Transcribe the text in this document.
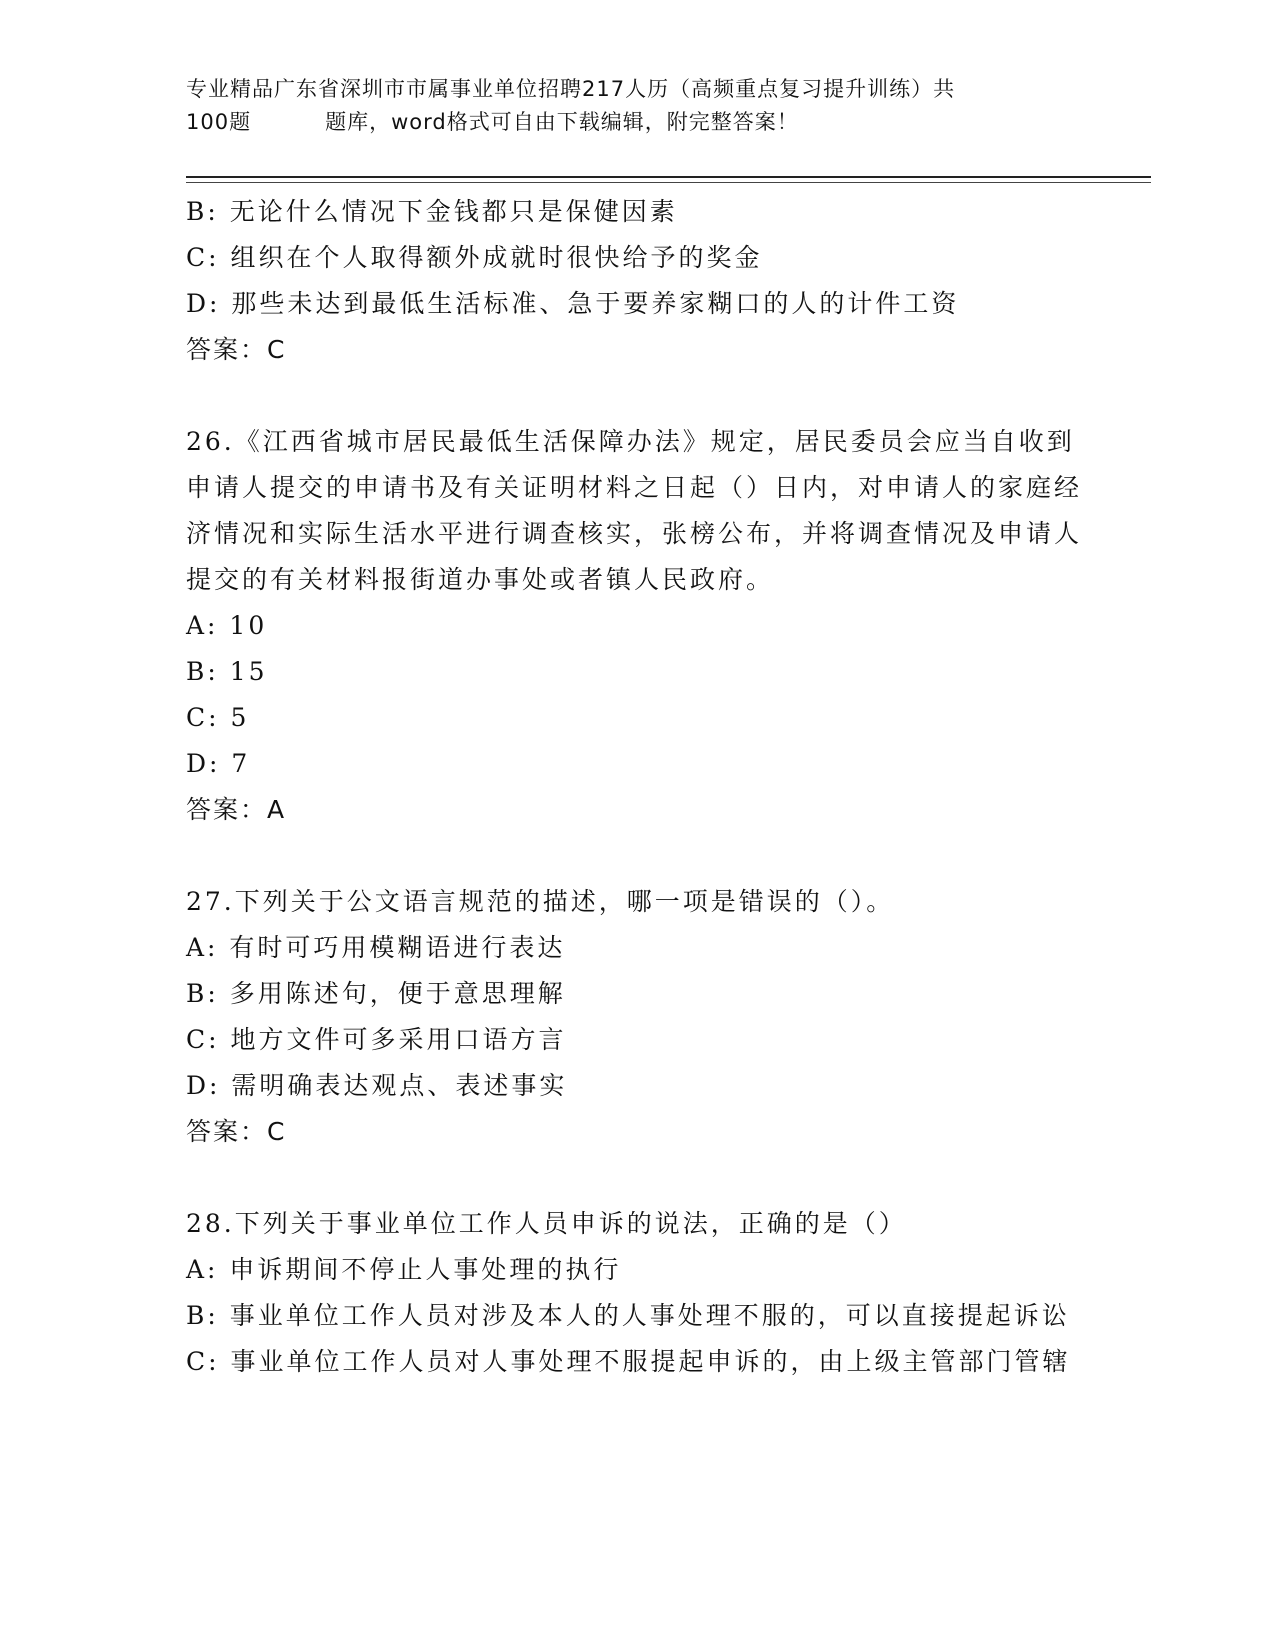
专业精品广东省深圳市市属事业单位招聘217人历（高频重点复习提升训练）共
100题	题库，word格式可自由下载编辑，附完整答案！

B: 无论什么情况下金钱都只是保健因素

C: 组织在个人取得额外成就时很快给予的奖金

D: 那些未达到最低生活标准、急于要养家糊口的人的计件工资

答案：C

26.《江西省城市居民最低生活保障办法》规定，居民委员会应当自收到申请人提交的申请书及有关证明材料之日起（）日内，对申请人的家庭经济情况和实际生活水平进行调查核实，张榜公布，并将调查情况及申请人提交的有关材料报街道办事处或者镇人民政府。

A: 10

B: 15

C: 5

D: 7

答案：A

27.下列关于公文语言规范的描述，哪一项是错误的（）。

A: 有时可巧用模糊语进行表达

B: 多用陈述句，便于意思理解

C: 地方文件可多采用口语方言

D: 需明确表达观点、表述事实

答案：C

28.下列关于事业单位工作人员申诉的说法，正确的是（）

A: 申诉期间不停止人事处理的执行

B: 事业单位工作人员对涉及本人的人事处理不服的，可以直接提起诉讼

C: 事业单位工作人员对人事处理不服提起申诉的，由上级主管部门管辖
